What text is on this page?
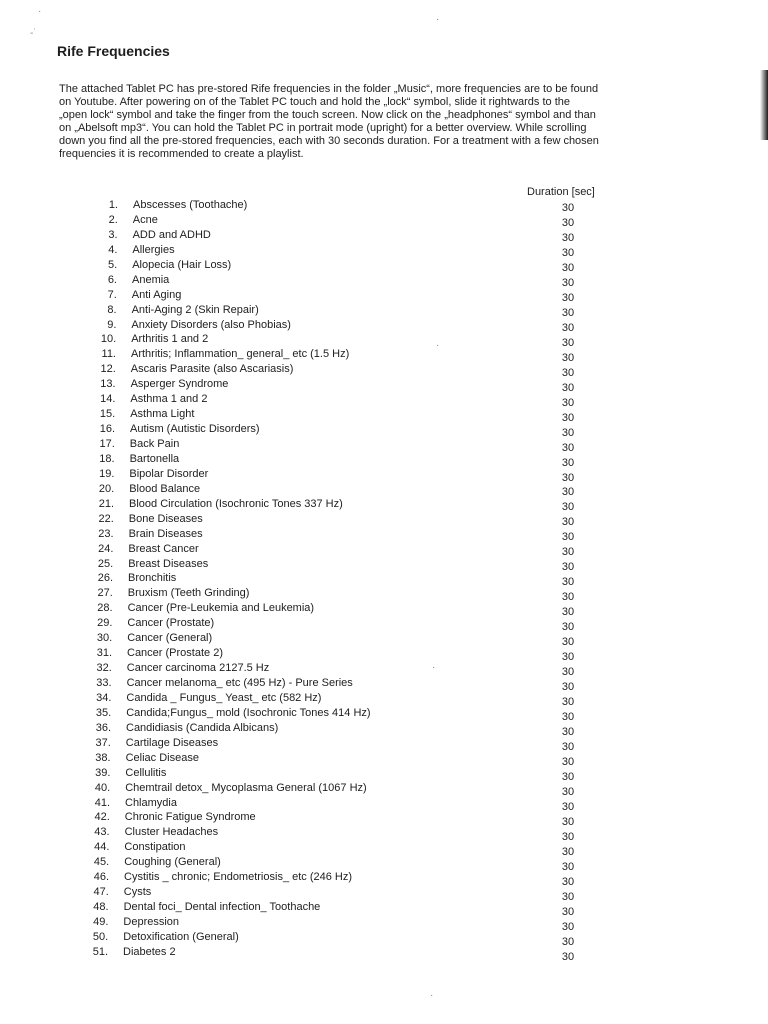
·
‑˙
·
·
·
·
Rife Frequencies

The attached Tablet PC has pre-stored Rife frequencies in the folder „Music“, more frequencies are to be found on Youtube. After powering on of the Tablet PC touch and hold the „lock“ symbol, slide it rightwards to the „open lock“ symbol and take the finger from the touch screen. Now click on the „headphones“ symbol and than on „Abelsoft mp3“. You can hold the Tablet PC in portrait mode (upright) for a better overview. While scrolling down you find all the pre-stored frequencies, each with 30 seconds duration. For a treatment with a few chosen frequencies it is recommended to create a playlist.

Duration [sec]
1. Abscesses (Toothache)	30
2. Acne	30
3. ADD and ADHD	30
4. Allergies	30
5. Alopecia (Hair Loss)	30
6. Anemia	30
7. Anti Aging	30
8. Anti-Aging 2 (Skin Repair)	30
9. Anxiety Disorders (also Phobias)	30
10. Arthritis 1 and 2	30
11. Arthritis; Inflammation_ general_ etc (1.5 Hz)	30
12. Ascaris Parasite (also Ascariasis)	30
13. Asperger Syndrome	30
14. Asthma 1 and 2	30
15. Asthma Light	30
16. Autism (Autistic Disorders)	30
17. Back Pain	30
18. Bartonella	30
19. Bipolar Disorder	30
20. Blood Balance	30
21. Blood Circulation (Isochronic Tones 337 Hz)	30
22. Bone Diseases	30
23. Brain Diseases	30
24. Breast Cancer	30
25. Breast Diseases	30
26. Bronchitis	30
27. Bruxism (Teeth Grinding)	30
28. Cancer (Pre-Leukemia and Leukemia)	30
29. Cancer (Prostate)	30
30. Cancer (General)	30
31. Cancer (Prostate 2)	30
32. Cancer carcinoma 2127.5 Hz	30
33. Cancer melanoma_ etc (495 Hz) - Pure Series	30
34. Candida _ Fungus_ Yeast_ etc (582 Hz)	30
35. Candida;Fungus_ mold (Isochronic Tones 414 Hz)	30
36. Candidiasis (Candida Albicans)	30
37. Cartilage Diseases	30
38. Celiac Disease	30
39. Cellulitis	30
40. Chemtrail detox_ Mycoplasma General (1067 Hz)	30
41. Chlamydia	30
42. Chronic Fatigue Syndrome	30
43. Cluster Headaches	30
44. Constipation	30
45. Coughing (General)	30
46. Cystitis _ chronic; Endometriosis_ etc (246 Hz)	30
47. Cysts	30
48. Dental foci_ Dental infection_ Toothache	30
49. Depression	30
50. Detoxification (General)	30
51. Diabetes 2	30
